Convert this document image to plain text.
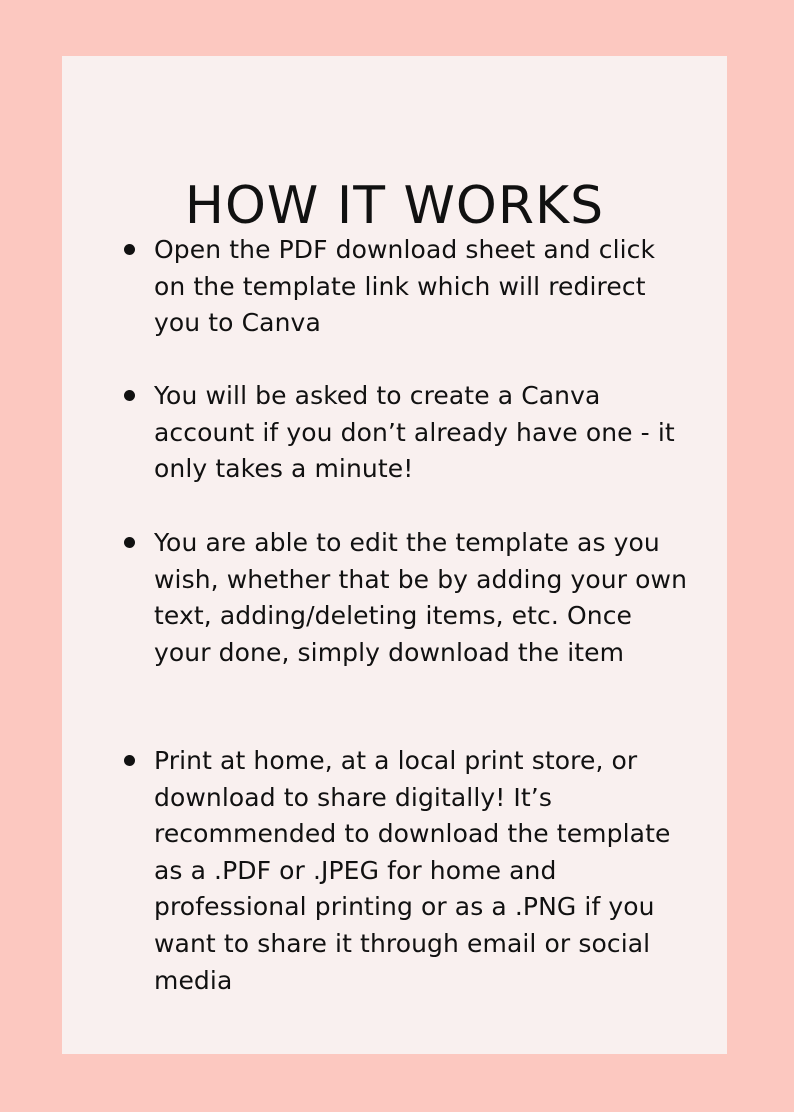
HOW IT WORKS
Open the PDF download sheet and click on the template link which will redirect you to Canva
You will be asked to create a Canva account if you don’t already have one - it only takes a minute!
You are able to edit the template as you wish, whether that be by adding your own text, adding/deleting items, etc. Once your done, simply download the item
Print at home, at a local print store, or download to share digitally! It’s recommended to download the template as a .PDF or .JPEG for home and professional printing or as a .PNG if you want to share it through email or social media
